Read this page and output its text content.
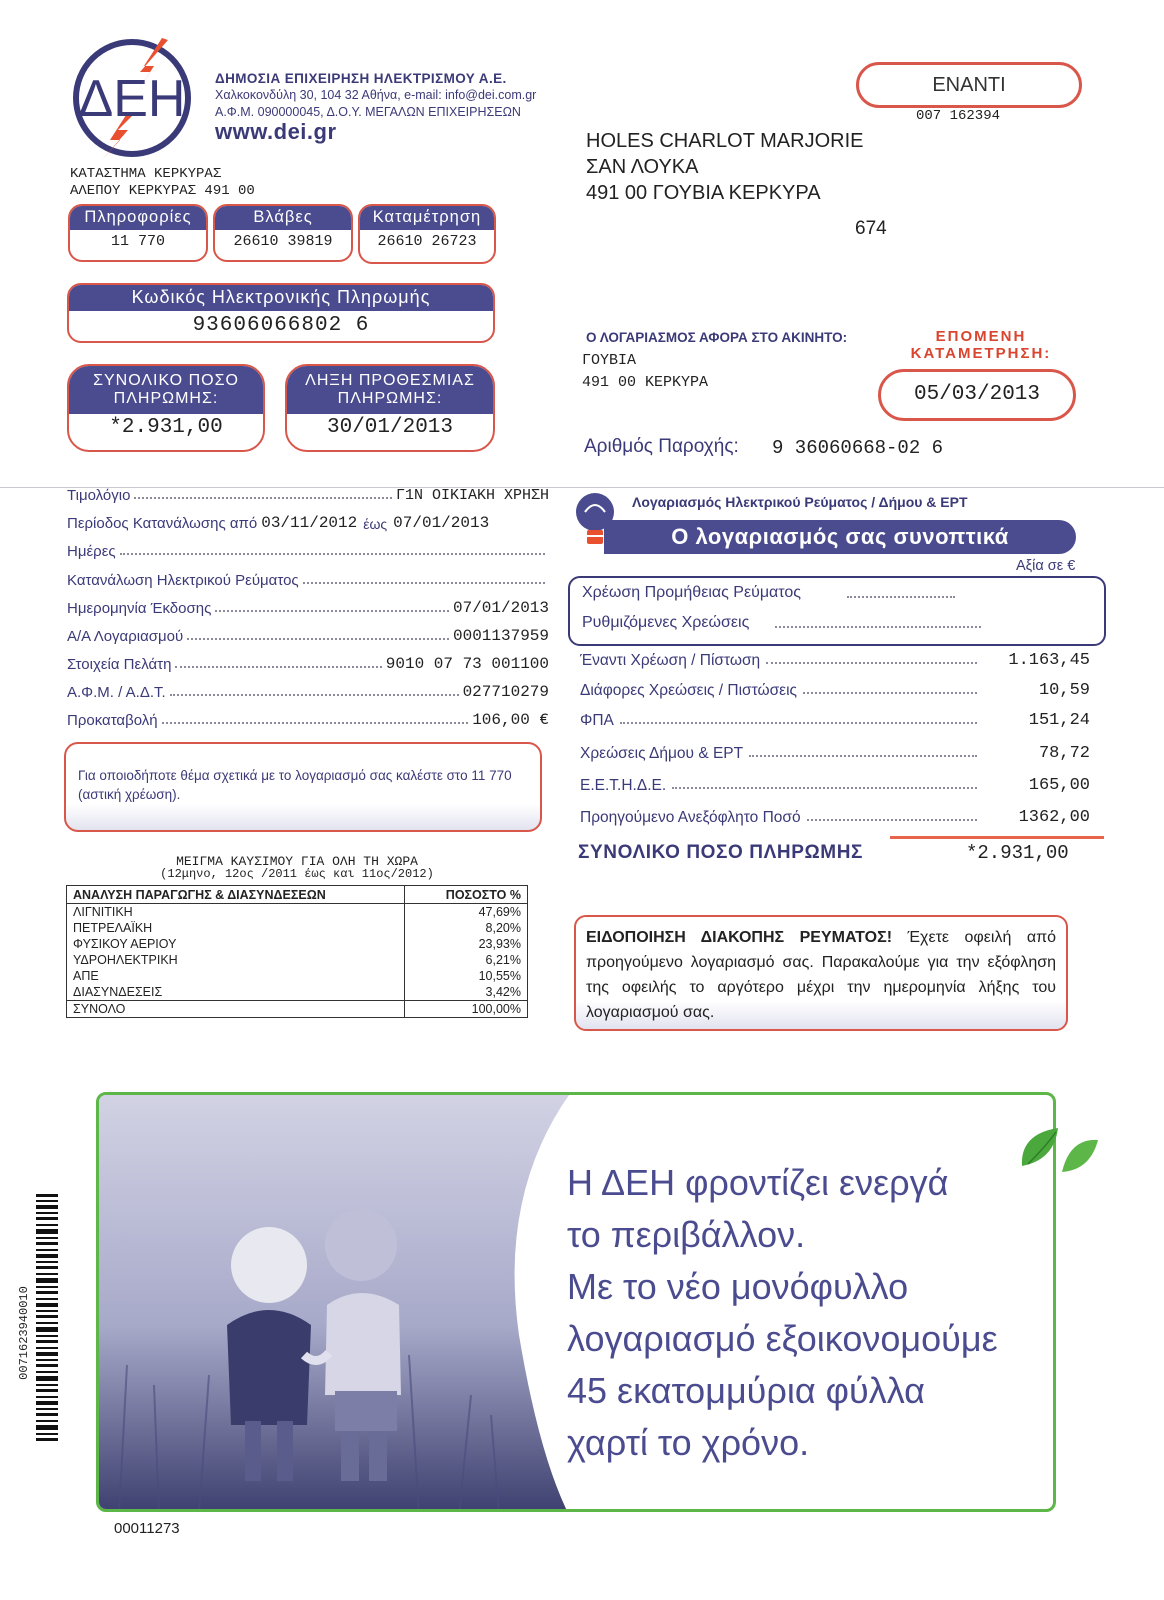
ΔΕΗ ΔΗΜΟΣΙΑ ΕΠΙΧΕΙΡΗΣΗ ΗΛΕΚΤΡΙΣΜΟΥ Α.Ε.
Χαλκοκονδύλη 30, 104 32 Αθήνα, e-mail: info@dei.com.gr
Α.Φ.Μ. 090000045, Δ.Ο.Υ. ΜΕΓΑΛΩΝ ΕΠΙΧΕΙΡΗΣΕΩΝ
www.dei.gr
ΚΑΤΑΣΤΗΜΑ ΚΕΡΚΥΡΑΣ
ΑΛΕΠΟΥ ΚΕΡΚΥΡΑΣ 491 00
Πληροφορίες
11 770
Βλάβες
26610 39819
Καταμέτρηση
26610 26723
Κωδικός Ηλεκτρονικής Πληρωμής
93606066802 6
ΣΥΝΟΛΙΚΟ ΠΟΣΟ ΠΛΗΡΩΜΗΣ:
*2.931,00
ΛΗΞΗ ΠΡΟΘΕΣΜΙΑΣ ΠΛΗΡΩΜΗΣ:
30/01/2013
ΕΝΑΝΤΙ
007 162394
HOLES CHARLOT MARJORIE
ΣΑΝ ΛΟΥΚΑ
491 00 ΓΟΥΒΙΑ ΚΕΡΚΥΡΑ
674
Ο ΛΟΓΑΡΙΑΣΜΟΣ ΑΦΟΡΑ ΣΤΟ ΑΚΙΝΗΤΟ:
ΓΟΥΒΙΑ
491 00 ΚΕΡΚΥΡΑ
ΕΠΟΜΕΝΗ ΚΑΤΑΜΕΤΡΗΣΗ:
05/03/2013
Αριθμός Παροχής: 9 36060668-02 6
Τιμολόγιο	Γ1Ν ΟΙΚΙΑΚΗ ΧΡΗΣΗ
Περίοδος Κατανάλωσης από 03/11/2012 έως 07/01/2013
Ημέρες
Κατανάλωση Ηλεκτρικού Ρεύματος
Ημερομηνία Έκδοσης	07/01/2013
Α/Α Λογαριασμού	0001137959
Στοιχεία Πελάτη	9010 07 73 001100
Α.Φ.Μ. / Α.Δ.Τ.	027710279
Προκαταβολή	106,00 €
Για οποιοδήποτε θέμα σχετικά με το λογαριασμό σας καλέστε στο 11 770 (αστική χρέωση).
ΜΕΙΓΜΑ ΚΑΥΣΙΜΟΥ ΓΙΑ ΟΛΗ ΤΗ ΧΩΡΑ
(12μηνο, 12ος /2011 έως και 11ος/2012)
ΑΝΑΛΥΣΗ ΠΑΡΑΓΩΓΗΣ & ΔΙΑΣΥΝΔΕΣΕΩΝ	ΠΟΣΟΣΤΟ %
ΛΙΓΝΙΤΙΚΗ	47,69%
ΠΕΤΡΕΛΑΪΚΗ	8,20%
ΦΥΣΙΚΟΥ ΑΕΡΙΟΥ	23,93%
ΥΔΡΟΗΛΕΚΤΡΙΚΗ	6,21%
ΑΠΕ	10,55%
ΔΙΑΣΥΝΔΕΣΕΙΣ	3,42%
ΣΥΝΟΛΟ	100,00%
Λογαριασμός Ηλεκτρικού Ρεύματος / Δήμου & ΕΡΤ
Ο λογαριασμός σας συνοπτικά
Αξία σε €
Χρέωση Προμήθειας Ρεύματος
Ρυθμιζόμενες Χρεώσεις
Έναντι Χρέωση / Πίστωση	1.163,45
Διάφορες Χρεώσεις / Πιστώσεις	10,59
ΦΠΑ	151,24
Χρεώσεις Δήμου & ΕΡΤ	78,72
Ε.Ε.Τ.Η.Δ.Ε.	165,00
Προηγούμενο Ανεξόφλητο Ποσό	1362,00
ΣΥΝΟΛΙΚΟ ΠΟΣΟ ΠΛΗΡΩΜΗΣ	*2.931,00
ΕΙΔΟΠΟΙΗΣΗ ΔΙΑΚΟΠΗΣ ΡΕΥΜΑΤΟΣ! Έχετε οφειλή από προηγούμενο λογαριασμό σας. Παρακαλούμε για την εξόφληση της οφειλής το αργότερο μέχρι την ημερομηνία λήξης του λογαριασμού σας.
Η ΔΕΗ φροντίζει ενεργά
το περιβάλλον.
Με το νέο μονόφυλλο
λογαριασμό εξοικονομούμε
45 εκατομμύρια φύλλα
χαρτί το χρόνο.
0071623940010
00011273
